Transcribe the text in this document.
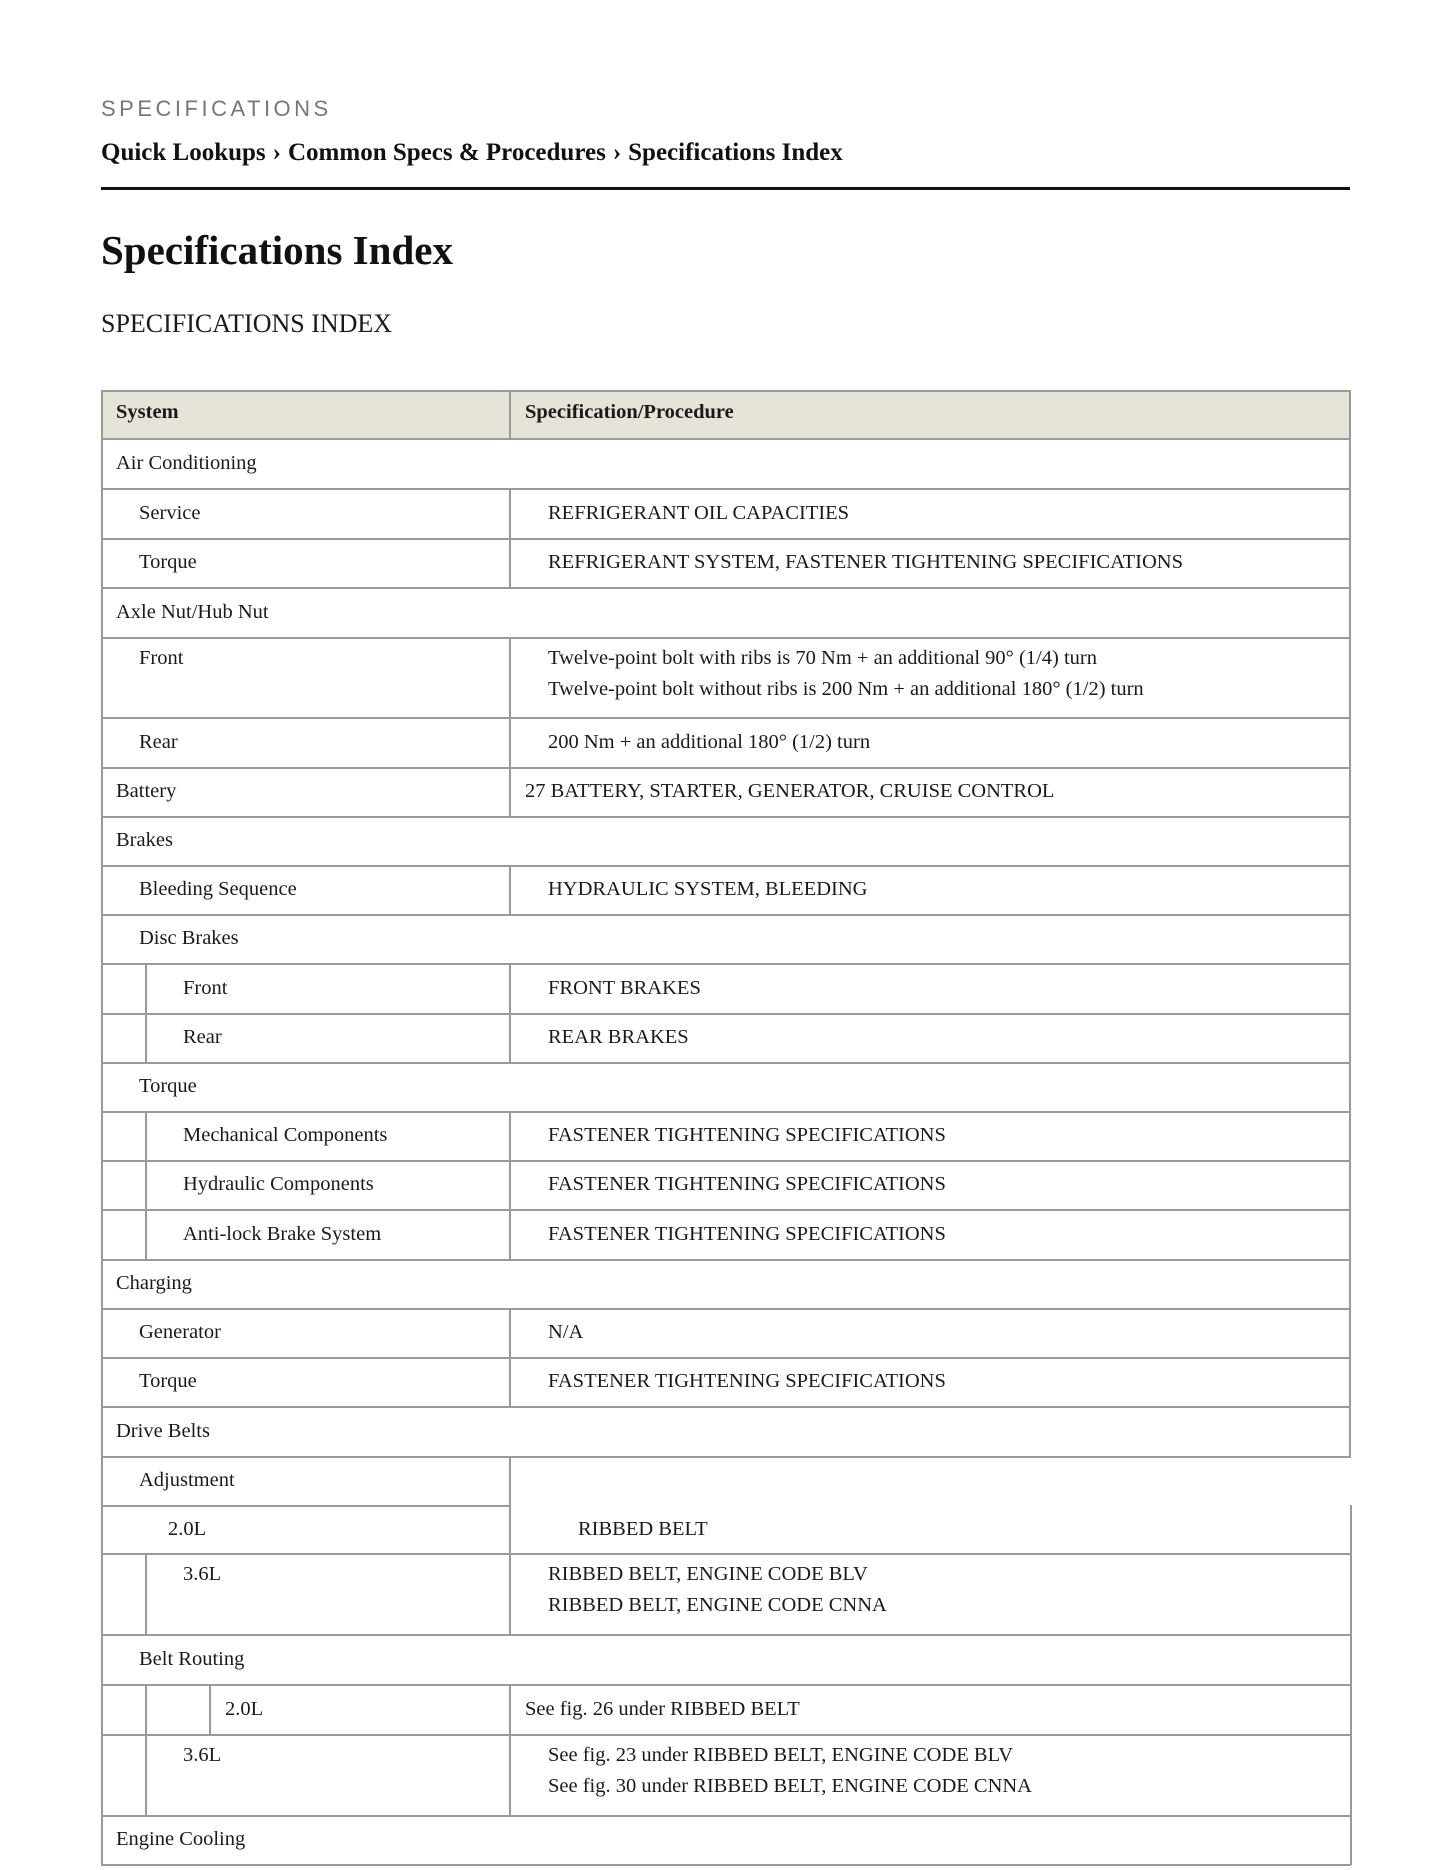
SPECIFICATIONS
Quick Lookups › Common Specs & Procedures › Specifications Index
Specifications Index
SPECIFICATIONS INDEX
System	Specification/Procedure
Air Conditioning
Service	REFRIGERANT OIL CAPACITIES
Torque	REFRIGERANT SYSTEM, FASTENER TIGHTENING SPECIFICATIONS
Axle Nut/Hub Nut
Front	Twelve-point bolt with ribs is 70 Nm + an additional 90° (1/4) turn
Twelve-point bolt without ribs is 200 Nm + an additional 180° (1/2) turn
Rear	200 Nm + an additional 180° (1/2) turn
Battery	27 BATTERY, STARTER, GENERATOR, CRUISE CONTROL
Brakes
Bleeding Sequence	HYDRAULIC SYSTEM, BLEEDING
Disc Brakes
Front	FRONT BRAKES
Rear	REAR BRAKES
Torque
Mechanical Components	FASTENER TIGHTENING SPECIFICATIONS
Hydraulic Components	FASTENER TIGHTENING SPECIFICATIONS
Anti-lock Brake System	FASTENER TIGHTENING SPECIFICATIONS
Charging
Generator	N/A
Torque	FASTENER TIGHTENING SPECIFICATIONS
Drive Belts
Adjustment
2.0L	RIBBED BELT
3.6L	RIBBED BELT, ENGINE CODE BLV
RIBBED BELT, ENGINE CODE CNNA
Belt Routing
2.0L	See fig. 26 under RIBBED BELT
3.6L	See fig. 23 under RIBBED BELT, ENGINE CODE BLV
See fig. 30 under RIBBED BELT, ENGINE CODE CNNA
Engine Cooling
